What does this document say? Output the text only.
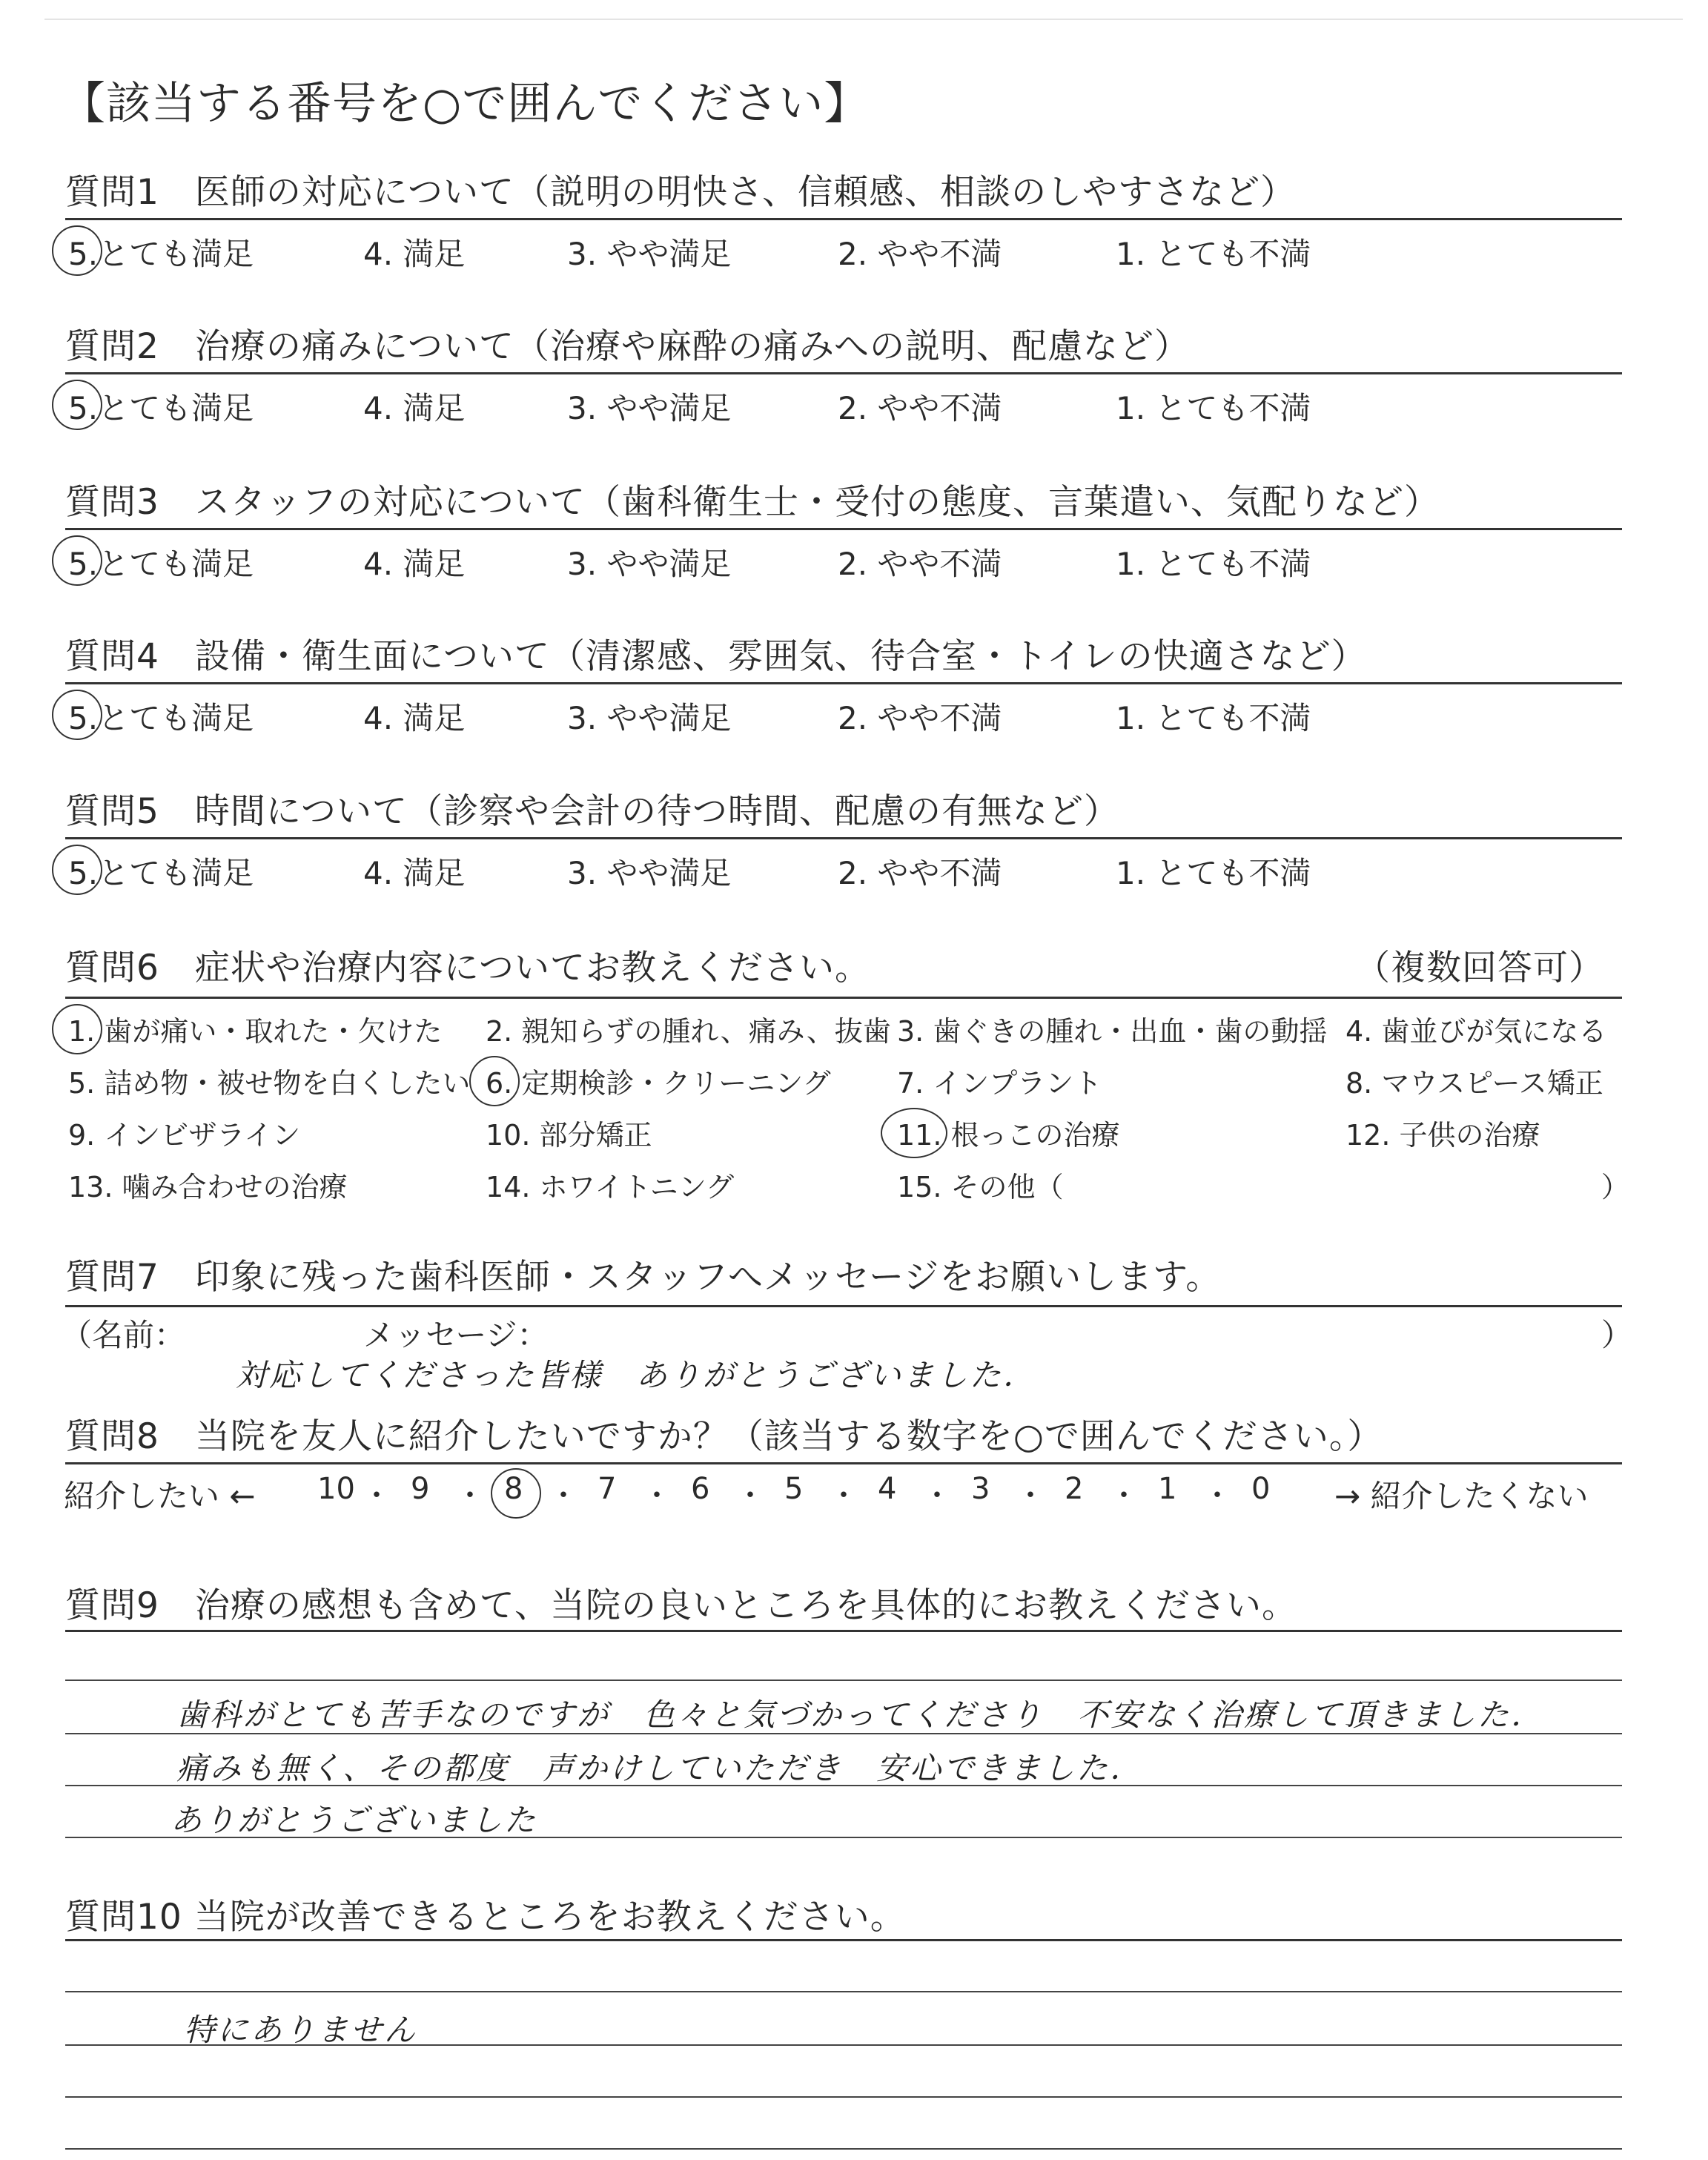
【該当する番号を○で囲んでください】
質問1　医師の対応について（説明の明快さ、信頼感、相談のしやすさなど）
5.とても満足	4. 満足	3. やや満足	2. やや不満	1. とても不満
質問2　治療の痛みについて（治療や麻酔の痛みへの説明、配慮など）
5.とても満足	4. 満足	3. やや満足	2. やや不満	1. とても不満
質問3　スタッフの対応について（歯科衛生士・受付の態度、言葉遣い、気配りなど）
5.とても満足	4. 満足	3. やや満足	2. やや不満	1. とても不満
質問4　設備・衛生面について（清潔感、雰囲気、待合室・トイレの快適さなど）
5.とても満足	4. 満足	3. やや満足	2. やや不満	1. とても不満
質問5　時間について（診察や会計の待つ時間、配慮の有無など）
5.とても満足	4. 満足	3. やや満足	2. やや不満	1. とても不満
質問6　症状や治療内容についてお教えください。	（複数回答可）
1. 歯が痛い・取れた・欠けた 2. 親知らずの腫れ、痛み、抜歯 3. 歯ぐきの腫れ・出血・歯の動揺 4. 歯並びが気になる
5. 詰め物・被せ物を白くしたい 6. 定期検診・クリーニング 7. インプラント	8. マウスピース矯正
9. インビザライン	10. 部分矯正	11. 根っこの治療	12. 子供の治療
13. 噛み合わせの治療	14. ホワイトニング	15. その他（	）
質問7　印象に残った歯科医師・スタッフへメッセージをお願いします。
（名前：	メッセージ：	）
対応してくださった皆様　ありがとうございました．
質問8　当院を友人に紹介したいですか？（該当する数字を○で囲んでください。）
紹介したい ← 10 ・ 9 ・ 8 ・ 7 ・ 6 ・ 5 ・ 4 ・ 3 ・ 2 ・ 1 ・ 0 → 紹介したくない
質問9　治療の感想も含めて、当院の良いところを具体的にお教えください。
歯科がとても苦手なのですが　色々と気づかってくださり　不安なく治療して頂きました．
痛みも無く、その都度　声かけしていただき　安心できました．
ありがとうございました
質問10 当院が改善できるところをお教えください。
特にありません
